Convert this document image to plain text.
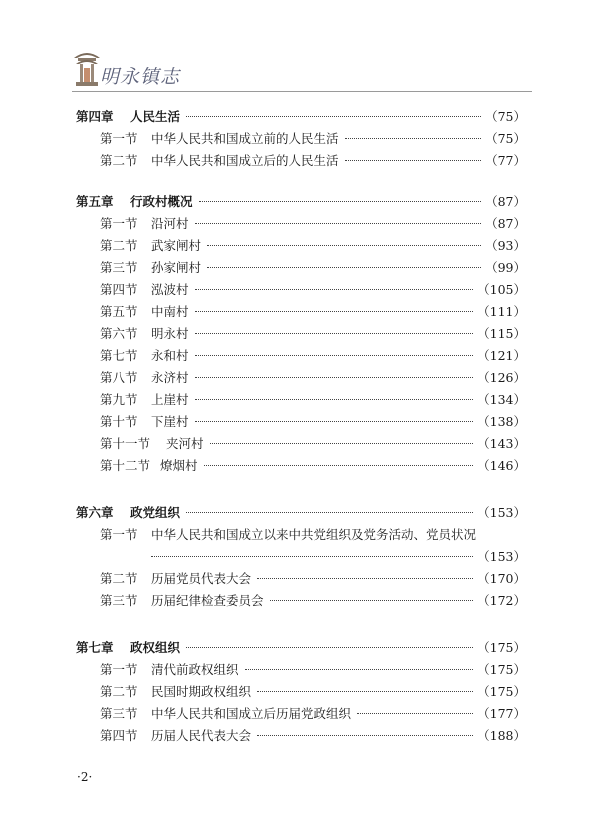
明永镇志
第四章	人民生活	（75）
第一节	中华人民共和国成立前的人民生活	（75）
第二节	中华人民共和国成立后的人民生活	（77）
第五章	行政村概况	（87）
第一节	沿河村	（87）
第二节	武家闸村	（93）
第三节	孙家闸村	（99）
第四节	泓波村	（105）
第五节	中南村	（111）
第六节	明永村	（115）
第七节	永和村	（121）
第八节	永济村	（126）
第九节	上崖村	（134）
第十节	下崖村	（138）
第十一节	夹河村	（143）
第十二节 燎烟村	（146）
第六章	政党组织	（153）
第一节	中华人民共和国成立以来中共党组织及党务活动、党员状况
（153）
第二节	历届党员代表大会	（170）
第三节	历届纪律检查委员会	（172）
第七章	政权组织	（175）
第一节	清代前政权组织	（175）
第二节	民国时期政权组织	（175）
第三节	中华人民共和国成立后历届党政组织	（177）
第四节	历届人民代表大会	（188）
·2·
